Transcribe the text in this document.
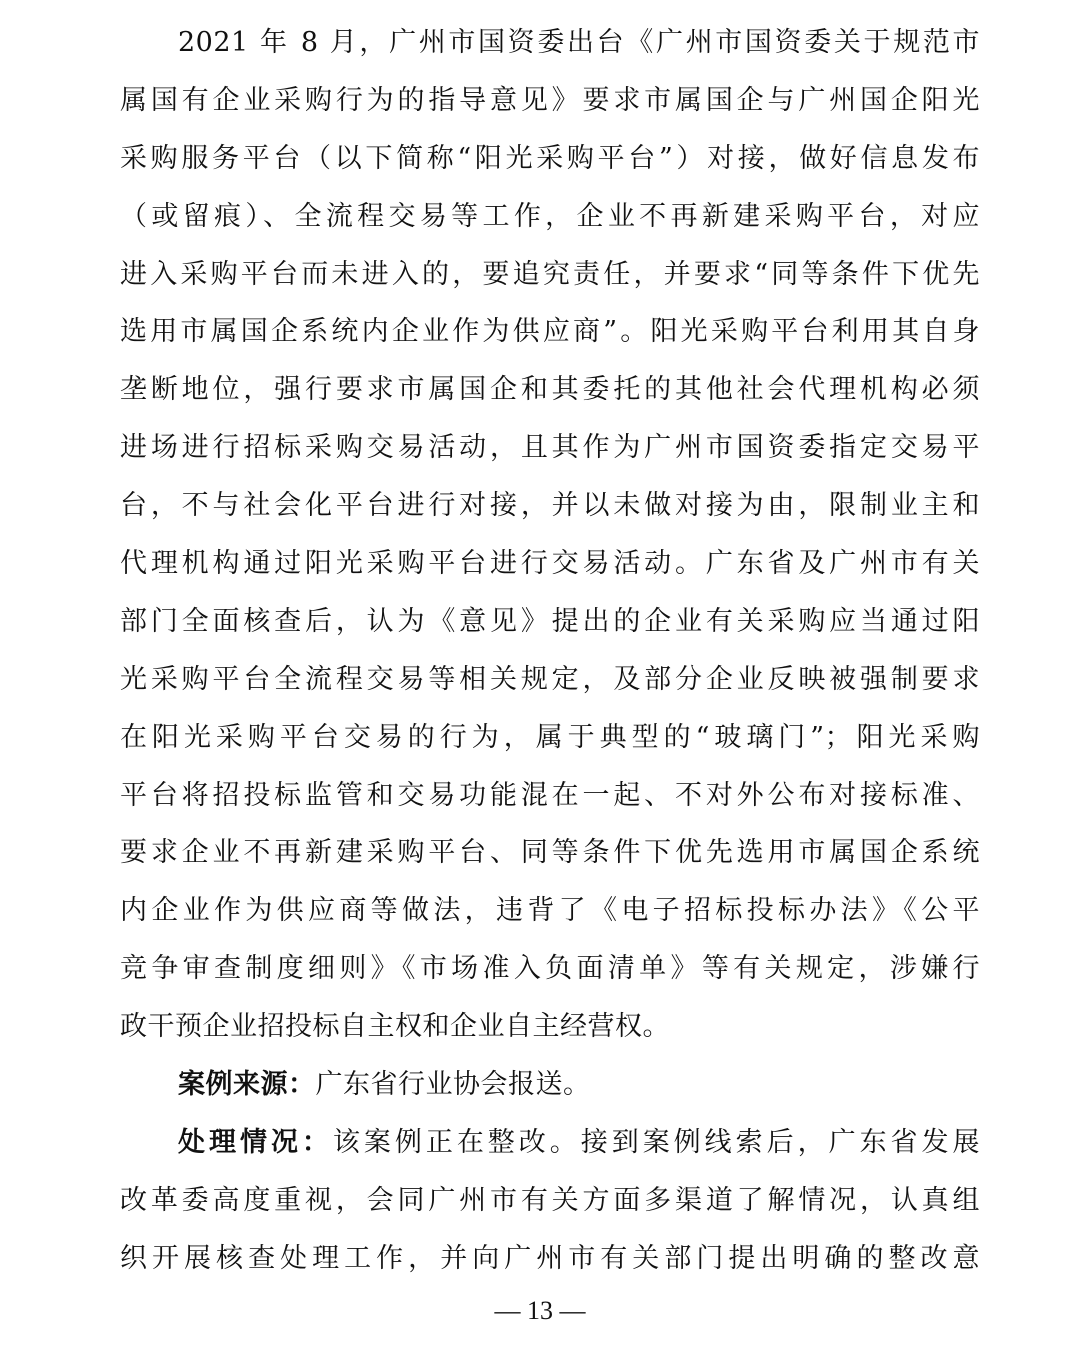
2021 年 8 月，广州市国资委出台《广州市国资委关于规范市
属国有企业采购行为的指导意见》要求市属国企与广州国企阳光
采购服务平台（以下简称“阳光采购平台”）对接，做好信息发布
（或留痕）、全流程交易等工作，企业不再新建采购平台，对应
进入采购平台而未进入的，要追究责任，并要求“同等条件下优先
选用市属国企系统内企业作为供应商”。阳光采购平台利用其自身
垄断地位，强行要求市属国企和其委托的其他社会代理机构必须
进场进行招标采购交易活动，且其作为广州市国资委指定交易平
台，不与社会化平台进行对接，并以未做对接为由，限制业主和
代理机构通过阳光采购平台进行交易活动。广东省及广州市有关
部门全面核查后，认为《意见》提出的企业有关采购应当通过阳
光采购平台全流程交易等相关规定，及部分企业反映被强制要求
在阳光采购平台交易的行为，属于典型的“玻璃门”；阳光采购
平台将招投标监管和交易功能混在一起、不对外公布对接标准、
要求企业不再新建采购平台、同等条件下优先选用市属国企系统
内企业作为供应商等做法，违背了《电子招标投标办法》《公平
竞争审查制度细则》《市场准入负面清单》等有关规定，涉嫌行
政干预企业招投标自主权和企业自主经营权。
案例来源：广东省行业协会报送。
处理情况：该案例正在整改。接到案例线索后，广东省发展
改革委高度重视，会同广州市有关方面多渠道了解情况，认真组
织开展核查处理工作，并向广州市有关部门提出明确的整改意
— 13 —
